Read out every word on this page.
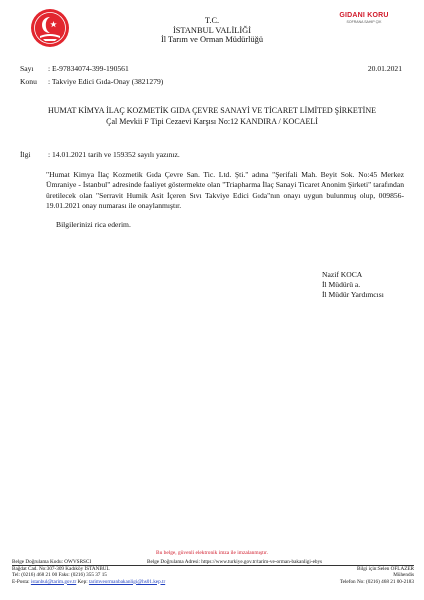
GIDANI KORU
SOFRANA SAHIP ÇIK
T.C.
İSTANBUL VALİLİĞİ
İl Tarım ve Orman Müdürlüğü
Sayı : E-97834074-399-190561
Konu : Takviye Edici Gıda-Onay (3821279)
20.01.2021
HUMAT KİMYA İLAÇ KOZMETİK GIDA ÇEVRE SANAYİ VE TİCARET LİMİTED ŞİRKETİNE
Çal Mevkii F Tipi Cezaevi Karşısı No:12 KANDIRA / KOCAELİ
İlgi : 14.01.2021 tarih ve 159352 sayılı yazınız.
"Humat Kimya İlaç Kozmetik Gıda Çevre San. Tic. Ltd. Şti." adına "Şerifali Mah. Beyit Sok. No:45 Merkez Ümraniye - İstanbul" adresinde faaliyet göstermekte olan "Triapharma İlaç Sanayi Ticaret Anonim Şirketi" tarafından üretilecek olan "Serravit Humik Asit İçeren Sıvı Takviye Edici Gıda"nın onayı uygun bulunmuş olup, 009856-19.01.2021 onay numarası ile onaylanmıştır.
Bilgilerinizi rica ederim.
Nazif KOCA
İl Müdürü a.
İl Müdür Yardımcısı
Bu belge, güvenli elektronik imza ile imzalanmıştır.
Belge Doğrulama Kodu: OWVSRSCI	Belge Doğrulama Adresi: https://www.turkiye.gov.tr/tarim-ve-orman-bakanligi-ebys
Bağdat Cad. No:307-309 Kadıköy İSTANBUL
Tel: (0216) 468 21 00 Faks: (0216) 355 37 15
E-Posta: istanbul@tarim.gov.tr Kep: tarimveormanbakanligi@hs01.kep.tr
Bilgi için:Selen OFLAZER
Mühendis
Telefon No: (0216) 468 21 00-2183
